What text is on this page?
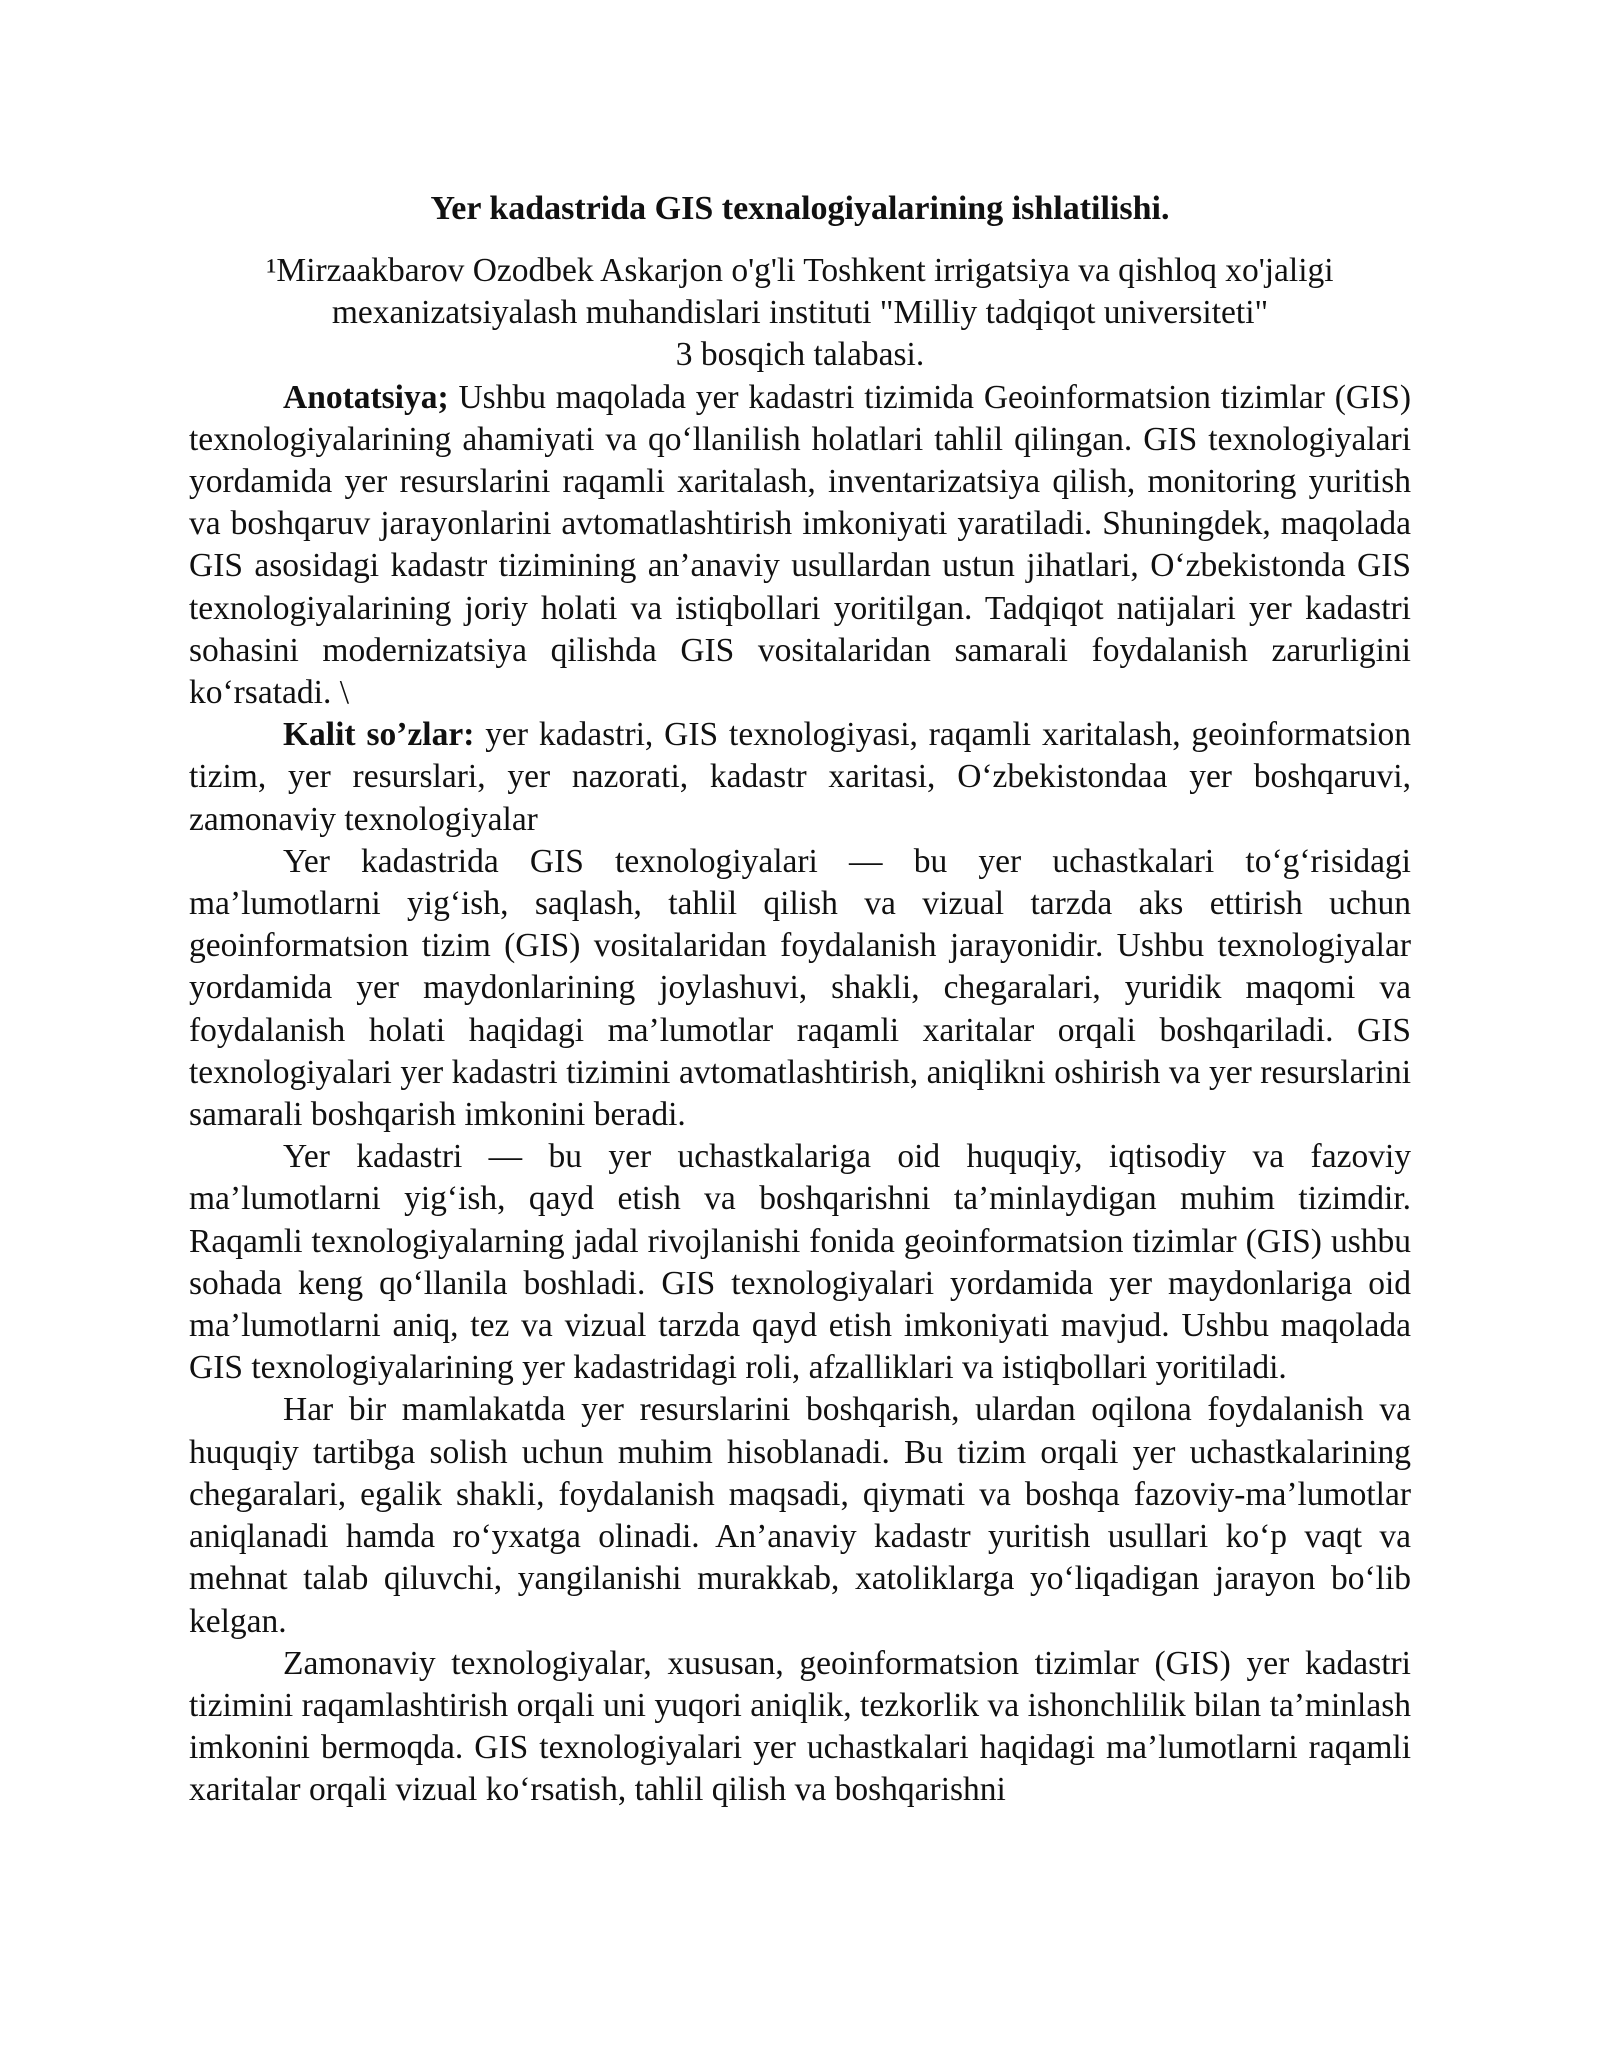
Yer kadastrida GIS texnalogiyalarining ishlatilishi.
¹Mirzaakbarov Ozodbek Askarjon o'g'li Toshkent irrigatsiya va qishloq xo'jaligi
mexanizatsiyalash muhandislari instituti "Milliy tadqiqot universiteti"
3 bosqich talabasi.

Anotatsiya; Ushbu maqolada yer kadastri tizimida Geoinformatsion tizimlar (GIS) texnologiyalarining ahamiyati va qo‘llanilish holatlari tahlil qilingan. GIS texnologiyalari yordamida yer resurslarini raqamli xaritalash, inventarizatsiya qilish, monitoring yuritish va boshqaruv jarayonlarini avtomatlashtirish imkoniyati yaratiladi. Shuningdek, maqolada GIS asosidagi kadastr tizimining an’anaviy usullardan ustun jihatlari, O‘zbekistonda GIS texnologiyalarining joriy holati va istiqbollari yoritilgan. Tadqiqot natijalari yer kadastri sohasini modernizatsiya qilishda GIS vositalaridan samarali foydalanish zarurligini ko‘rsatadi. \

Kalit so’zlar: yer kadastri, GIS texnologiyasi, raqamli xaritalash, geoinformatsion tizim, yer resurslari, yer nazorati, kadastr xaritasi, O‘zbekistondaa yer boshqaruvi, zamonaviy texnologiyalar

Yer kadastrida GIS texnologiyalari — bu yer uchastkalari to‘g‘risidagi ma’lumotlarni yig‘ish, saqlash, tahlil qilish va vizual tarzda aks ettirish uchun geoinformatsion tizim (GIS) vositalaridan foydalanish jarayonidir. Ushbu texnologiyalar yordamida yer maydonlarining joylashuvi, shakli, chegaralari, yuridik maqomi va foydalanish holati haqidagi ma’lumotlar raqamli xaritalar orqali boshqariladi. GIS texnologiyalari yer kadastri tizimini avtomatlashtirish, aniqlikni oshirish va yer resurslarini samarali boshqarish imkonini beradi.

Yer kadastri — bu yer uchastkalariga oid huquqiy, iqtisodiy va fazoviy ma’lumotlarni yig‘ish, qayd etish va boshqarishni ta’minlaydigan muhim tizimdir. Raqamli texnologiyalarning jadal rivojlanishi fonida geoinformatsion tizimlar (GIS) ushbu sohada keng qo‘llanila boshladi. GIS texnologiyalari yordamida yer maydonlariga oid ma’lumotlarni aniq, tez va vizual tarzda qayd etish imkoniyati mavjud. Ushbu maqolada GIS texnologiyalarining yer kadastridagi roli, afzalliklari va istiqbollari yoritiladi.

Har bir mamlakatda yer resurslarini boshqarish, ulardan oqilona foydalanish va huquqiy tartibga solish uchun muhim hisoblanadi. Bu tizim orqali yer uchastkalarining chegaralari, egalik shakli, foydalanish maqsadi, qiymati va boshqa fazoviy-ma’lumotlar aniqlanadi hamda ro‘yxatga olinadi. An’anaviy kadastr yuritish usullari ko‘p vaqt va mehnat talab qiluvchi, yangilanishi murakkab, xatoliklarga yo‘liqadigan jarayon bo‘lib kelgan.

Zamonaviy texnologiyalar, xususan, geoinformatsion tizimlar (GIS) yer kadastri tizimini raqamlashtirish orqali uni yuqori aniqlik, tezkorlik va ishonchlilik bilan ta’minlash imkonini bermoqda. GIS texnologiyalari yer uchastkalari haqidagi ma’lumotlarni raqamli xaritalar orqali vizual ko‘rsatish, tahlil qilish va boshqarishni
